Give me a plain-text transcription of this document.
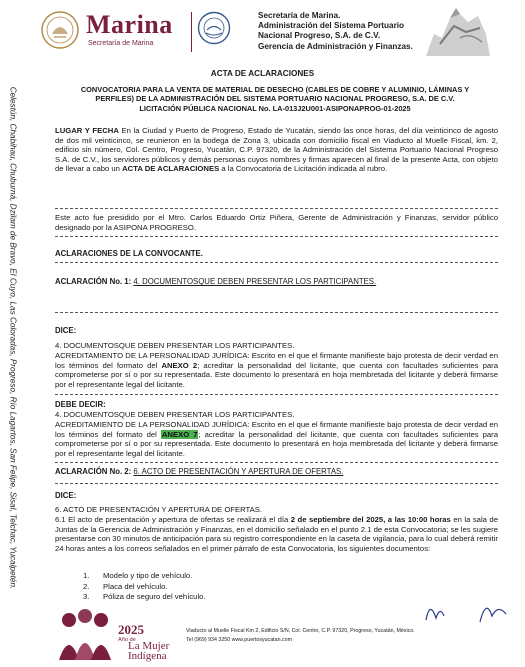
Marina
Secretaría de Marina
Secretaría de Marina.
Administración del Sistema Portuario
Nacional Progreso, S.A. de C.V.
Gerencia de Administración y Finanzas.
Celestún, Chabihau, Chuburná, Dzilam de Bravo, El Cuyo, Las Coloradas, Progreso, Río Lagartos, San Felipe, Sisal, Telchac, Yucalpetén.
ACTA DE ACLARACIONES
CONVOCATORIA PARA LA VENTA DE MATERIAL DE DESECHO (CABLES DE COBRE Y ALUMINIO, LÁMINAS Y
PERFILES) DE LA ADMINISTRACIÓN DEL SISTEMA PORTUARIO NACIONAL PROGRESO, S.A. DE C.V.
LICITACIÓN PÚBLICA NACIONAL No. LA-013J2U001-ASIPONAPROG-01-2025
LUGAR Y FECHA En la Ciudad y Puerto de Progreso, Estado de Yucatán, siendo las once horas, del día veinticinco de agosto de dos mil veinticinco, se reunieron en la bodega de Zona 3, ubicada con domicilio fiscal en Viaducto al Muelle Fiscal, km. 2, edificio sin número, Col. Centro, Progreso, Yucatán, C.P. 97320, de la Administración del Sistema Portuario Nacional Progreso S.A. de C.V., los servidores públicos y demás personas cuyos nombres y firmas aparecen al final de la presente Acta, con objeto de llevar a cabo un ACTA DE ACLARACIONES a la Convocatoria de Licitación indicada al rubro.
Este acto fue presidido por el Mtro. Carlos Eduardo Ortiz Piñera, Gerente de Administración y Finanzas, servidor público designado por la ASIPONA PROGRESO.
ACLARACIONES DE LA CONVOCANTE.
ACLARACIÓN No. 1: 4. DOCUMENTOSQUE DEBEN PRESENTAR LOS PARTICIPANTES.
DICE:
4. DOCUMENTOSQUE DEBEN PRESENTAR LOS PARTICIPANTES.
ACREDITAMIENTO DE LA PERSONALIDAD JURÍDICA: Escrito en el que el firmante manifieste bajo protesta de decir verdad en los términos del formato del ANEXO 2; acreditar la personalidad del licitante, que cuenta con facultades suficientes para comprometerse por sí o por su representada. Este documento lo presentará en hoja membretada del licitante y deberá firmarse por el representante legal del licitante.
DEBE DECIR:
4. DOCUMENTOSQUE DEBEN PRESENTAR LOS PARTICIPANTES.
ACREDITAMIENTO DE LA PERSONALIDAD JURÍDICA: Escrito en el que el firmante manifieste bajo protesta de decir verdad en los términos del formato del ANEXO 7; acreditar la personalidad del licitante, que cuenta con facultades suficientes para comprometerse por sí o por su representada. Este documento lo presentará en hoja membretada del licitante y deberá firmarse por el representante legal del licitante.
ACLARACIÓN No. 2: 6. ACTO DE PRESENTACIÓN Y APERTURA DE OFERTAS.
DICE:
6. ACTO DE PRESENTACIÓN Y APERTURA DE OFERTAS.
6.1 El acto de presentación y apertura de ofertas se realizará el día 2 de septiembre del 2025, a las 10:00 horas en la sala de Juntas de la Gerencia de Administración y Finanzas, en el domicilio señalado en el punto 2.1 de esta Convocatoria; se les sugiere presentarse con 30 minutos de anticipación para su registro correspondiente en la caseta de vigilancia, para lo cual deberá remitir 24 horas antes a los correos señalados en el primer párrafo de esta Convocatoria, los siguientes documentos:
1. Modelo y tipo de vehículo.
2. Placa del vehículo.
3. Póliza de seguro del vehículo.
2025
Año de
La Mujer
Indígena
Viaducto al Muelle Fiscal Km 2, Edificio S/N, Col. Centro, C.P. 97320, Progreso, Yucatán, México.
Tel (969) 934 3250 www.puertosyucatan.com
